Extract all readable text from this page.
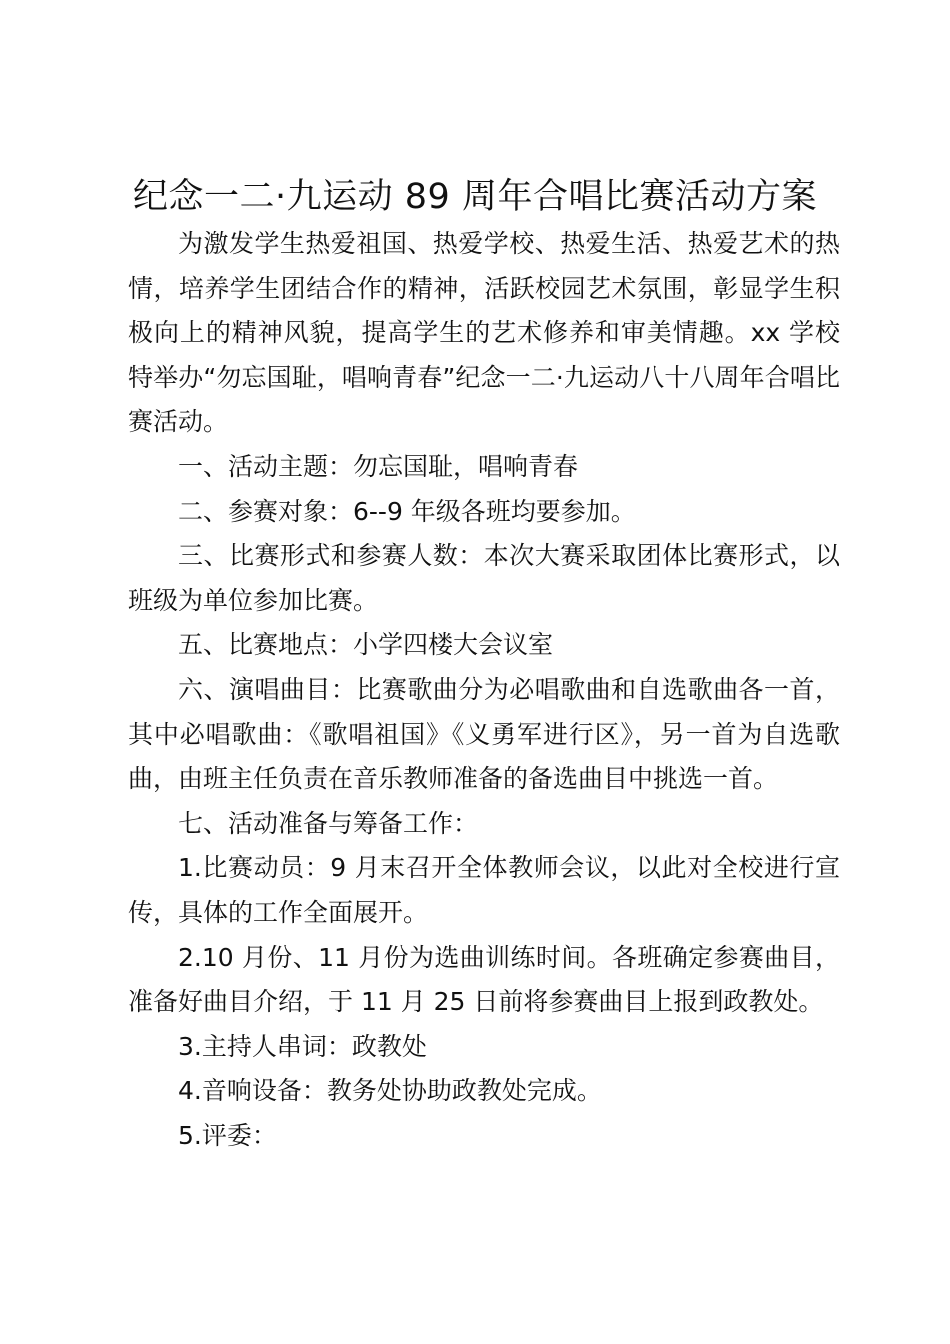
纪念一二·九运动 89 周年合唱比赛活动方案

为激发学生热爱祖国、热爱学校、热爱生活、热爱艺术的热情，培养学生团结合作的精神，活跃校园艺术氛围，彰显学生积极向上的精神风貌，提高学生的艺术修养和审美情趣。xx 学校特举办“勿忘国耻，唱响青春”纪念一二·九运动八十八周年合唱比赛活动。

一、活动主题：勿忘国耻，唱响青春

二、参赛对象：6--9 年级各班均要参加。

三、比赛形式和参赛人数：本次大赛采取团体比赛形式，以班级为单位参加比赛。

五、比赛地点：小学四楼大会议室

六、演唱曲目：比赛歌曲分为必唱歌曲和自选歌曲各一首，其中必唱歌曲：《歌唱祖国》《义勇军进行区》，另一首为自选歌曲，由班主任负责在音乐教师准备的备选曲目中挑选一首。

七、活动准备与筹备工作：

1.比赛动员：9 月末召开全体教师会议，以此对全校进行宣传，具体的工作全面展开。

2.10 月份、11 月份为选曲训练时间。各班确定参赛曲目，准备好曲目介绍，于 11 月 25 日前将参赛曲目上报到政教处。

3.主持人串词：政教处

4.音响设备：教务处协助政教处完成。

5.评委：
